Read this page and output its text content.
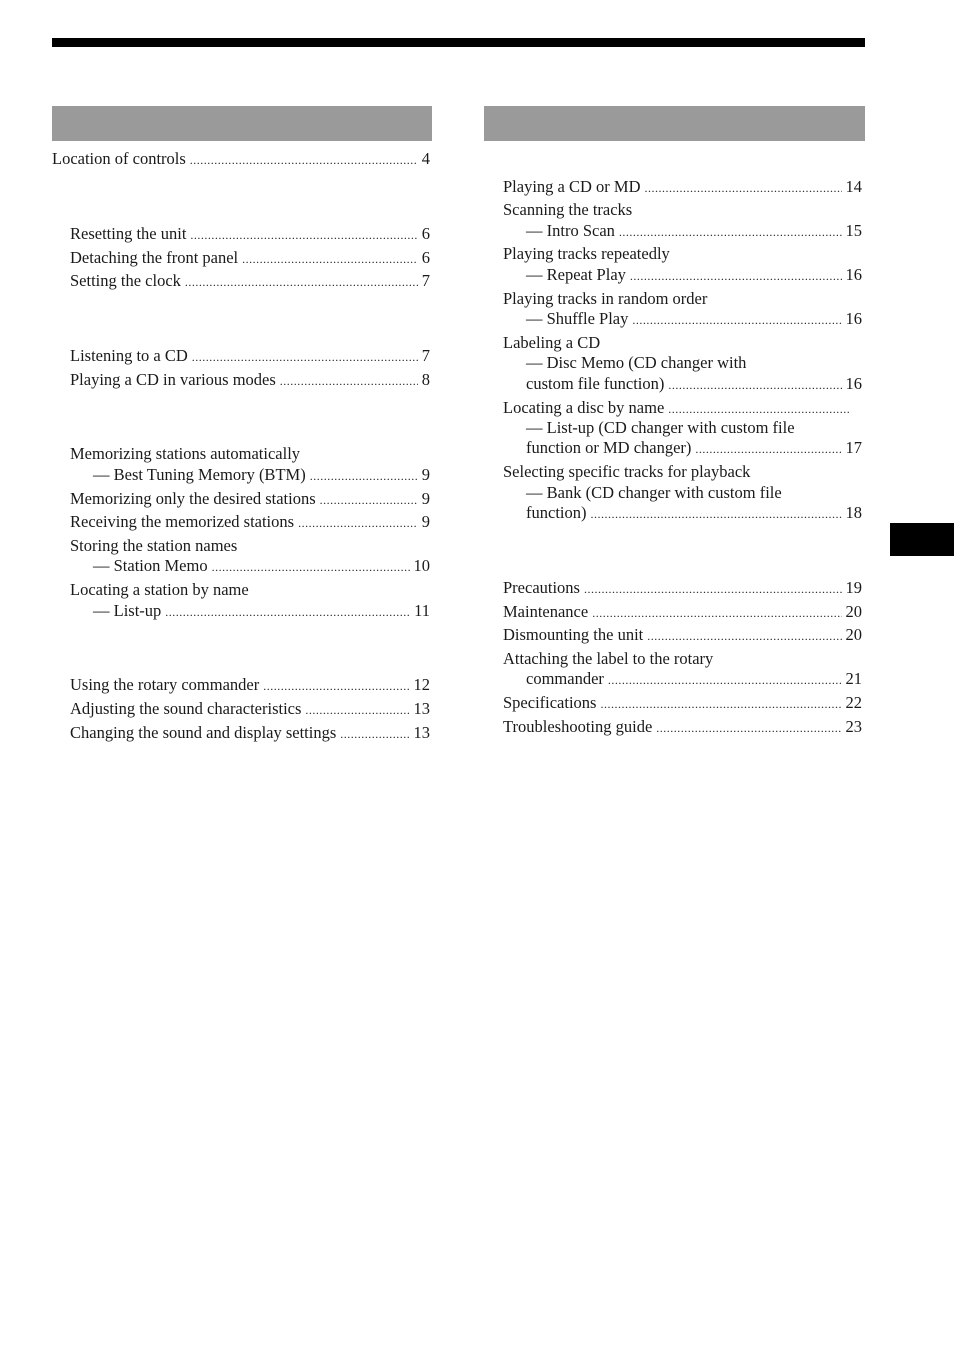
Location of controls .....	4
Resetting the unit .....	6
Detaching the front panel .....	6
Setting the clock .....	7
Listening to a CD .....	7
Playing a CD in various modes .....	8
Memorizing stations automatically
— Best Tuning Memory (BTM) .....	9
Memorizing only the desired stations .....	9
Receiving the memorized stations .....	9
Storing the station names
— Station Memo .....	10
Locating a station by name
— List-up .....	11
Using the rotary commander .....	12
Adjusting the sound characteristics .....	13
Changing the sound and display settings .....	13
Playing a CD or MD .....	14
Scanning the tracks
— Intro Scan .....	15
Playing tracks repeatedly
— Repeat Play .....	16
Playing tracks in random order
— Shuffle Play .....	16
Labeling a CD
— Disc Memo (CD changer with
custom file function) .....	16
Locating a disc by name
.....
— List-up (CD changer with custom file
function or MD changer) .....	17
Selecting specific tracks for playback
— Bank (CD changer with custom file
function) .....	18
Precautions .....	19
Maintenance .....	20
Dismounting the unit .....	20
Attaching the label to the rotary
commander .....	21
Specifications .....	22
Troubleshooting guide .....	23
